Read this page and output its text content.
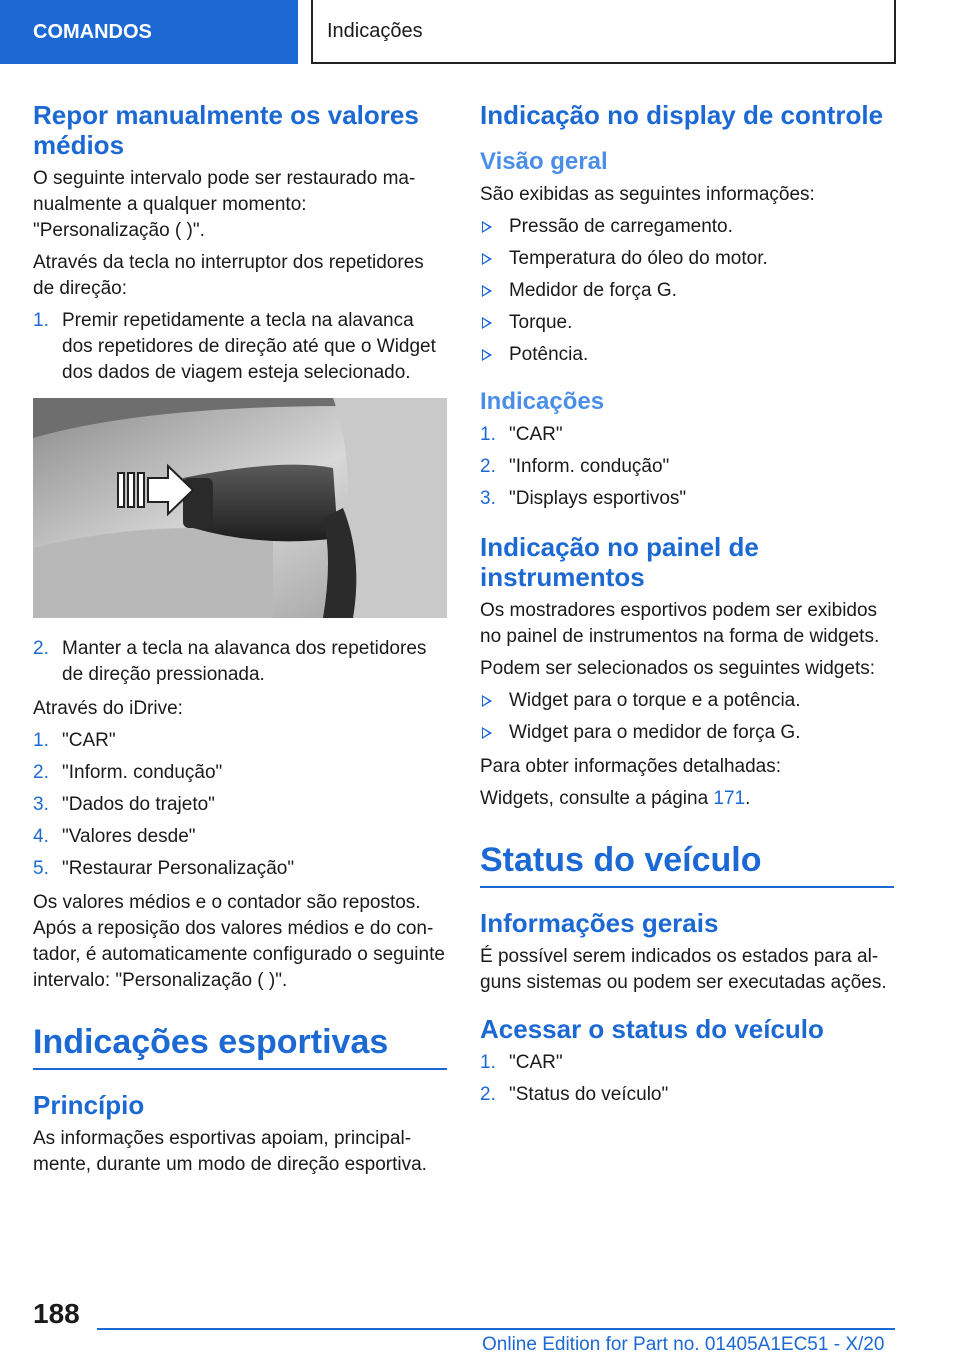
COMANDOS	Indicações
Repor manualmente os valores médios

O seguinte intervalo pode ser restaurado manualmente a qualquer momento: "Personalização ( )".

Através da tecla no interruptor dos repetidores de direção:

1. Premir repetidamente a tecla na alavanca dos repetidores de direção até que o Widget dos dados de viagem esteja selecionado.
2. Manter a tecla na alavanca dos repetidores de direção pressionada.

Através do iDrive:

1. "CAR"
2. "Inform. condução"
3. "Dados do trajeto"
4. "Valores desde"
5. "Restaurar Personalização"

Os valores médios e o contador são repostos. Após a reposição dos valores médios e do contador, é automaticamente configurado o seguinte intervalo: "Personalização ( )".

Indicações esportivas
Princípio

As informações esportivas apoiam, principalmente, durante um modo de direção esportiva.

Indicação no display de controle
Visão geral

São exibidas as seguintes informações:

Pressão de carregamento.
Temperatura do óleo do motor.
Medidor de força G.
Torque.
Potência.
Indicações
1. "CAR"
2. "Inform. condução"
3. "Displays esportivos"
Indicação no painel de instrumentos

Os mostradores esportivos podem ser exibidos no painel de instrumentos na forma de widgets.

Podem ser selecionados os seguintes widgets:

Widget para o torque e a potência.
Widget para o medidor de força G.

Para obter informações detalhadas:

Widgets, consulte a página 171.

Status do veículo
Informações gerais

É possível serem indicados os estados para alguns sistemas ou podem ser executadas ações.

Acessar o status do veículo
1. "CAR"
2. "Status do veículo"
188
Online Edition for Part no. 01405A1EC51 - X/20
